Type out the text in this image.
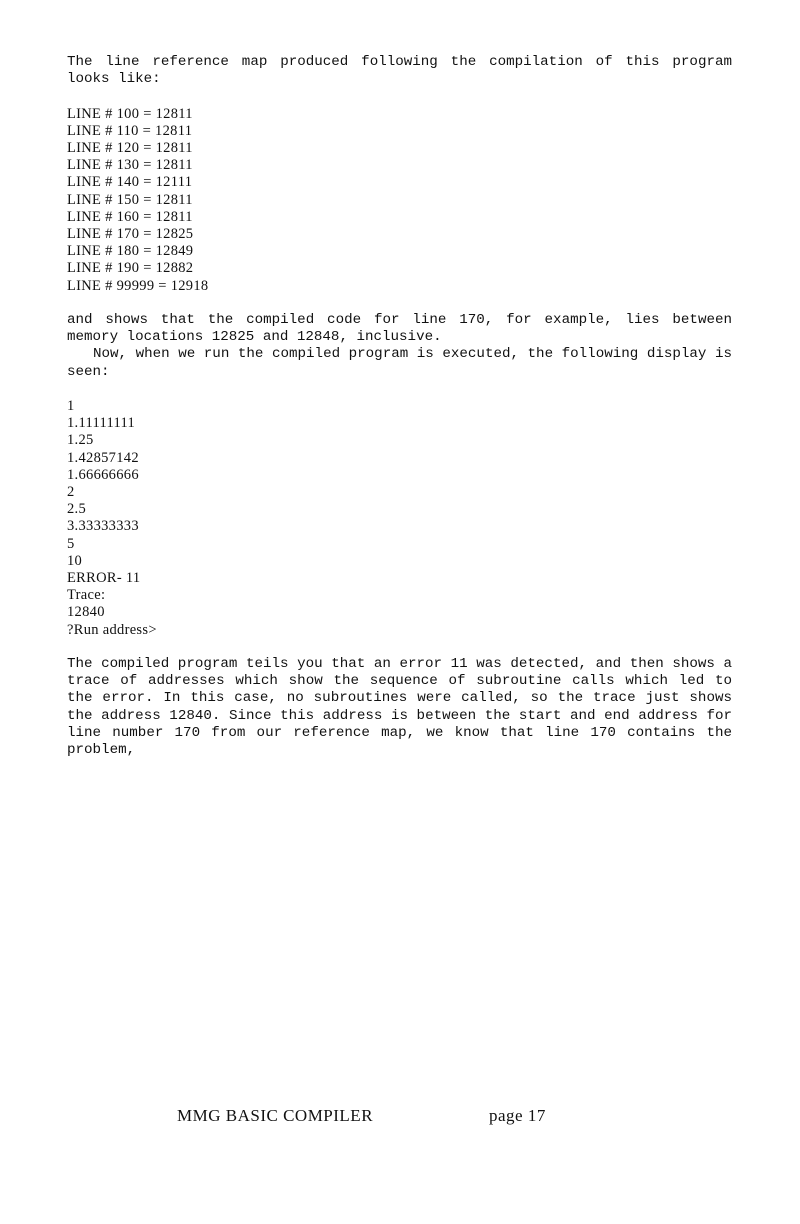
The line reference map produced following the compilation of this program looks like:

LINE # 100 = 12811

LINE # 110 = 12811

LINE # 120 = 12811

LINE # 130 = 12811

LINE # 140 = 12111

LINE # 150 = 12811

LINE # 160 = 12811

LINE # 170 = 12825

LINE # 180 = 12849

LINE # 190 = 12882

LINE # 99999 = 12918

and shows that the compiled code for line 170, for example, lies between memory locations 12825 and 12848, inclusive.

Now, when we run the compiled program is executed, the following display is seen:

1

1.11111111

1.25

1.42857142

1.66666666

2

2.5

3.33333333

5

10

ERROR- 11

Trace:

12840

?Run address>

The compiled program teils you that an error 11 was detected, and then shows a trace of addresses which show the sequence of subroutine calls which led to the error. In this case, no subroutines were called, so the trace just shows the address 12840. Since this address is between the start and end address for line number 170 from our reference map, we know that line 170 contains the problem,

MMG BASIC COMPILER	page 17
